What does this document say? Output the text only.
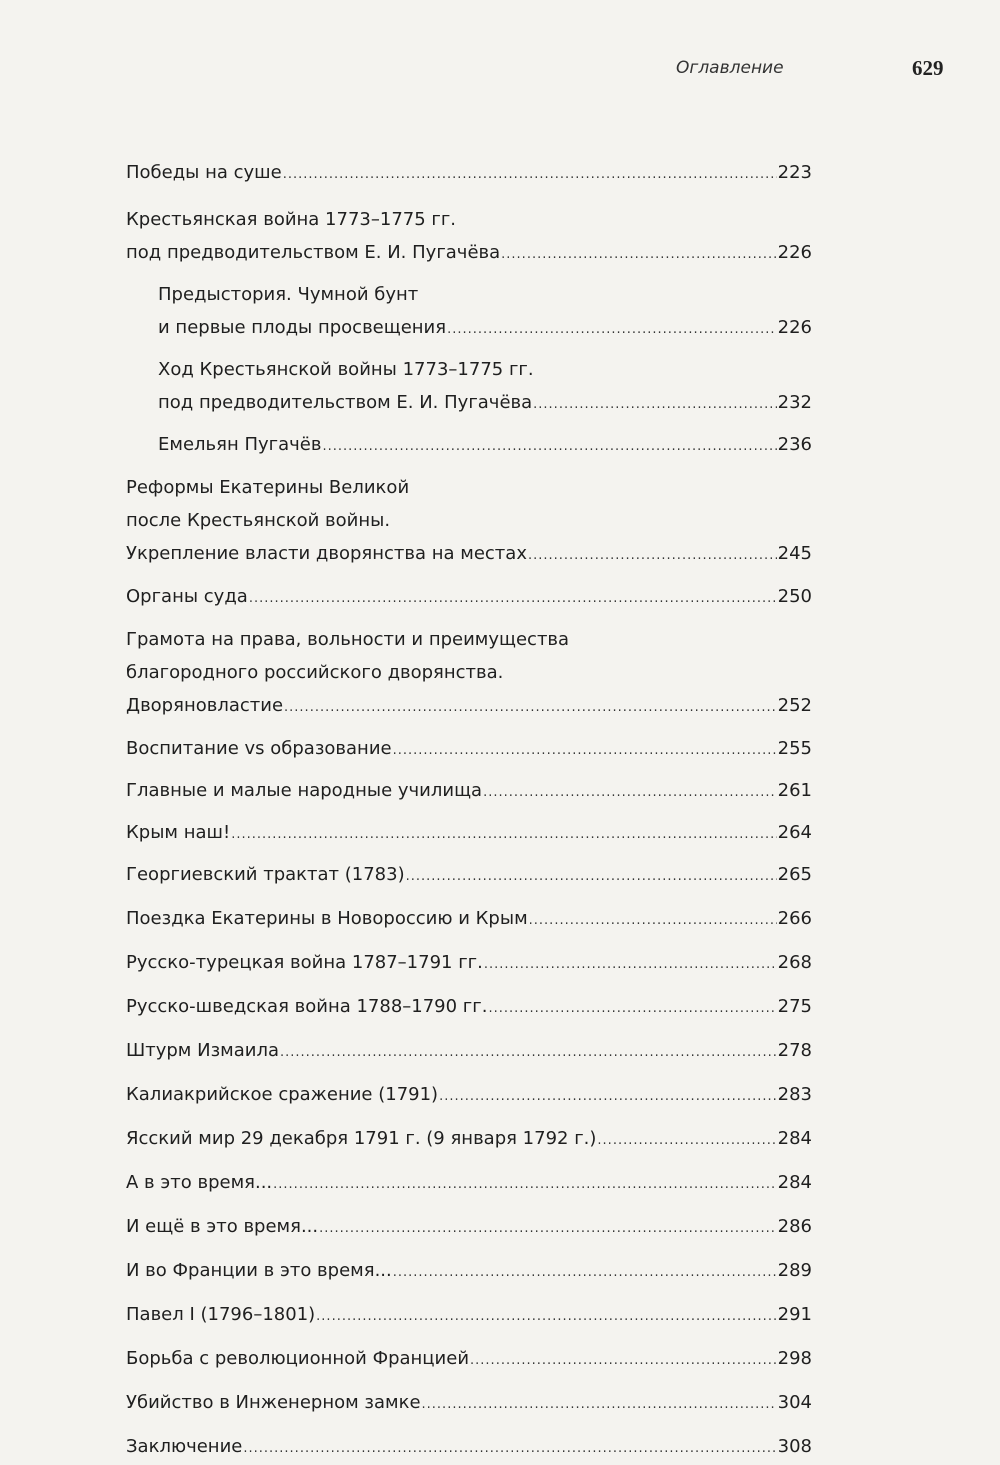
Оглавление	629
Победы на суше .....	223
Крестьянская война 1773–1775 гг.
под предводительством Е. И. Пугачёва .....	226
Предыстория. Чумной бунт
и первые плоды просвещения .....	226
Ход Крестьянской войны 1773–1775 гг.
под предводительством Е. И. Пугачёва .....	232
Емельян Пугачёв .....	236
Реформы Екатерины Великой
после Крестьянской войны.
Укрепление власти дворянства на местах .....	245
Органы суда .....	250
Грамота на права, вольности и преимущества
благородного российского дворянства.
Дворяновластие .....	252
Воспитание vs образование .....	255
Главные и малые народные училища .....	261
Крым наш! .....	264
Георгиевский трактат (1783) .....	265
Поездка Екатерины в Новороссию и Крым .....	266
Русско-турецкая война 1787–1791 гг. .....	268
Русско-шведская война 1788–1790 гг. .....	275
Штурм Измаила .....	278
Калиакрийское сражение (1791) .....	283
Ясский мир 29 декабря 1791 г. (9 января 1792 г.) .....	284
А в это время... .....	284
И ещё в это время... .....	286
И во Франции в это время... .....	289
Павел I (1796–1801) .....	291
Борьба с революционной Францией .....	298
Убийство в Инженерном замке .....	304
Заключение .....	308
